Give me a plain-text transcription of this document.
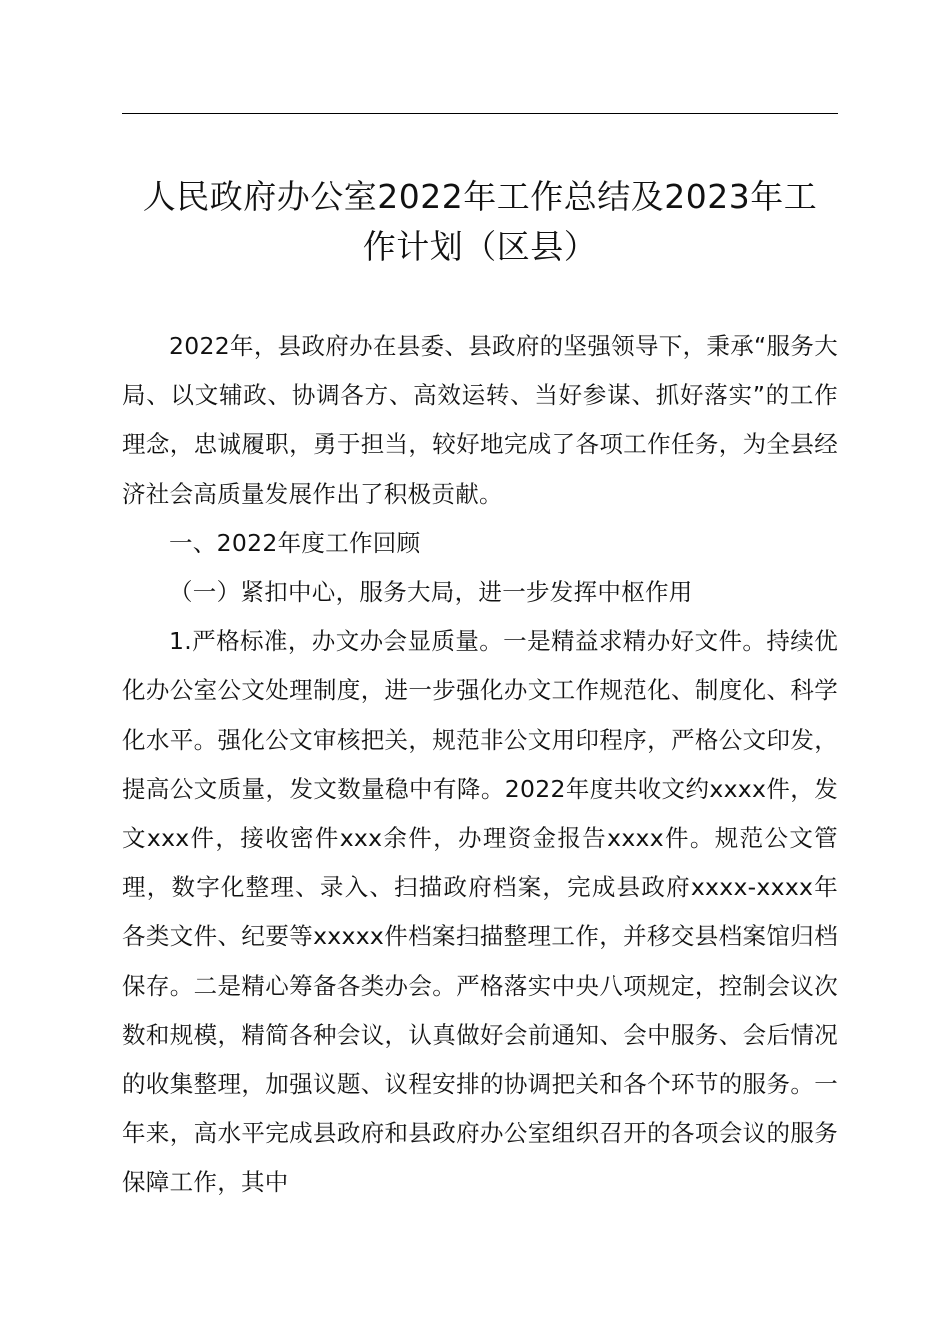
人民政府办公室2022年工作总结及2023年工
作计划（区县）

2022年，县政府办在县委、县政府的坚强领导下，秉承“服务大局、以文辅政、协调各方、高效运转、当好参谋、抓好落实”的工作理念，忠诚履职，勇于担当，较好地完成了各项工作任务，为全县经济社会高质量发展作出了积极贡献。

一、2022年度工作回顾

（一）紧扣中心，服务大局，进一步发挥中枢作用

1.严格标准，办文办会显质量。一是精益求精办好文件。持续优化办公室公文处理制度，进一步强化办文工作规范化、制度化、科学化水平。强化公文审核把关，规范非公文用印程序，严格公文印发，提高公文质量，发文数量稳中有降。2022年度共收文约xxxx件，发文xxx件，接收密件xxx余件，办理资金报告xxxx件。规范公文管理，数字化整理、录入、扫描政府档案，完成县政府xxxx-xxxx年各类文件、纪要等xxxxx件档案扫描整理工作，并移交县档案馆归档保存。二是精心筹备各类办会。严格落实中央八项规定，控制会议次数和规模，精简各种会议，认真做好会前通知、会中服务、会后情况的收集整理，加强议题、议程安排的协调把关和各个环节的服务。一年来，高水平完成县政府和县政府办公室组织召开的各项会议的服务保障工作，其中
